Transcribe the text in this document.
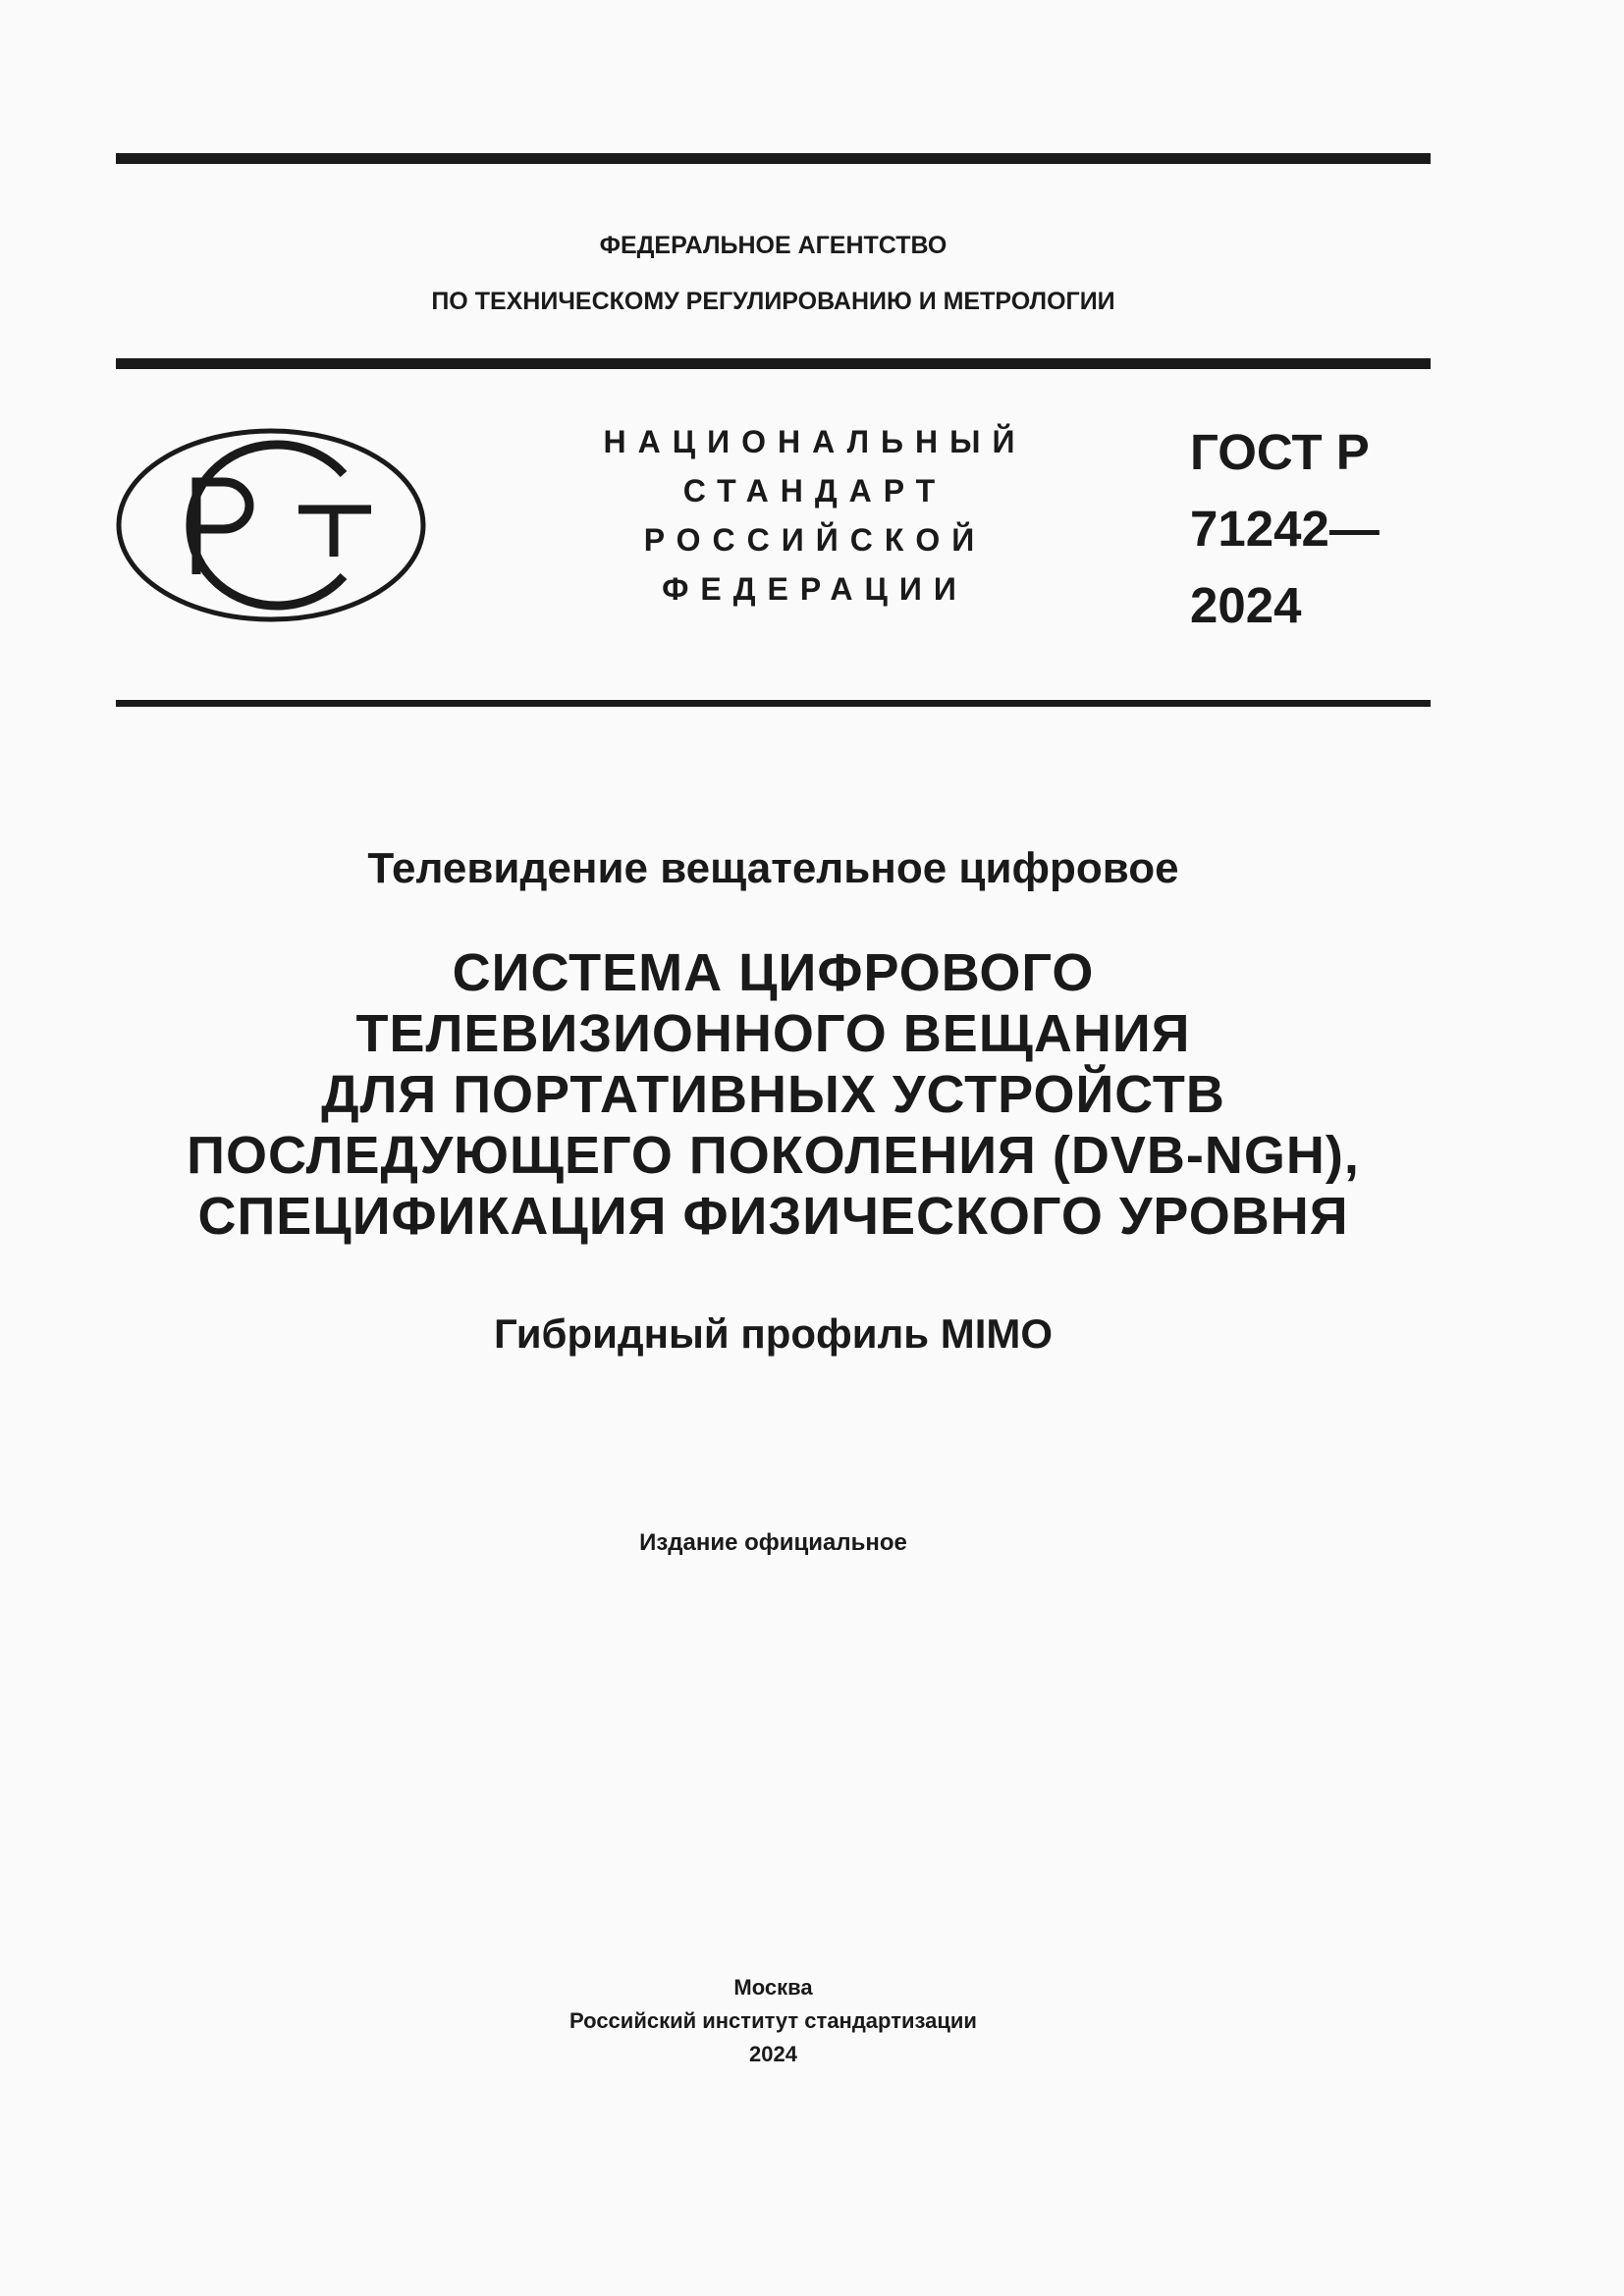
ФЕДЕРАЛЬНОЕ АГЕНТСТВО
ПО ТЕХНИЧЕСКОМУ РЕГУЛИРОВАНИЮ И МЕТРОЛОГИИ
НАЦИОНАЛЬНЫЙ
СТАНДАРТ
РОССИЙСКОЙ
ФЕДЕРАЦИИ
ГОСТ Р
71242—
2024
Телевидение вещательное цифровое
СИСТЕМА ЦИФРОВОГО
ТЕЛЕВИЗИОННОГО ВЕЩАНИЯ
ДЛЯ ПОРТАТИВНЫХ УСТРОЙСТВ
ПОСЛЕДУЮЩЕГО ПОКОЛЕНИЯ (DVB-NGH),
СПЕЦИФИКАЦИЯ ФИЗИЧЕСКОГО УРОВНЯ
Гибридный профиль MIMO
Издание официальное
Москва
Российский институт стандартизации
2024
